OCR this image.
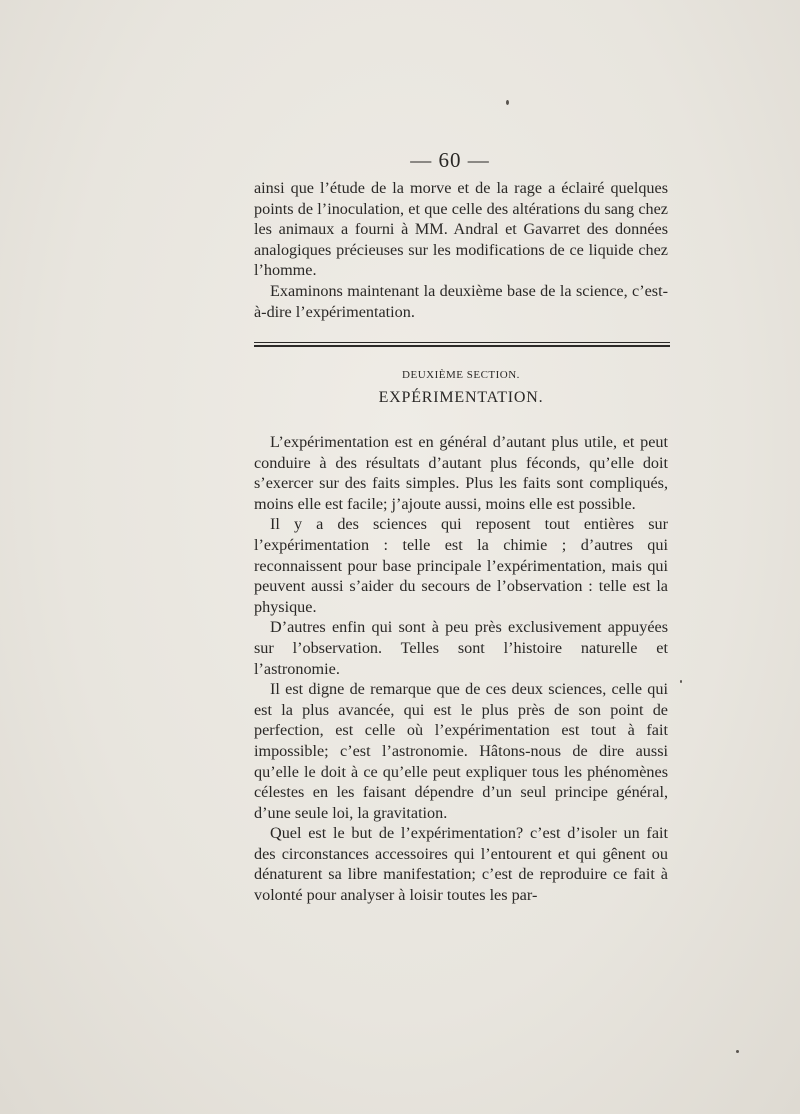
— 60 —

ainsi que l’étude de la morve et de la rage a éclairé quelques points de l’inoculation, et que celle des altérations du sang chez les animaux a fourni à MM. Andral et Gavarret des données analogiques précieuses sur les modifications de ce liquide chez l’homme.

Examinons maintenant la deuxième base de la science, c’est-à-dire l’expérimentation.

DEUXIÈME SECTION.
EXPÉRIMENTATION.

L’expérimentation est en général d’autant plus utile, et peut conduire à des résultats d’autant plus féconds, qu’elle doit s’exercer sur des faits simples. Plus les faits sont compliqués, moins elle est facile; j’ajoute aussi, moins elle est possible.

Il y a des sciences qui reposent tout entières sur l’expérimentation : telle est la chimie ; d’autres qui reconnaissent pour base principale l’expérimentation, mais qui peuvent aussi s’aider du secours de l’observation : telle est la physique.

D’autres enfin qui sont à peu près exclusivement appuyées sur l’observation. Telles sont l’histoire naturelle et l’astronomie.

Il est digne de remarque que de ces deux sciences, celle qui est la plus avancée, qui est le plus près de son point de perfection, est celle où l’expérimentation est tout à fait impossible; c’est l’astronomie. Hâtons-nous de dire aussi qu’elle le doit à ce qu’elle peut expliquer tous les phénomènes célestes en les faisant dépendre d’un seul principe général, d’une seule loi, la gravitation.

Quel est le but de l’expérimentation? c’est d’isoler un fait des circonstances accessoires qui l’entourent et qui gênent ou dénaturent sa libre manifestation; c’est de reproduire ce fait à volonté pour analyser à loisir toutes les par-
